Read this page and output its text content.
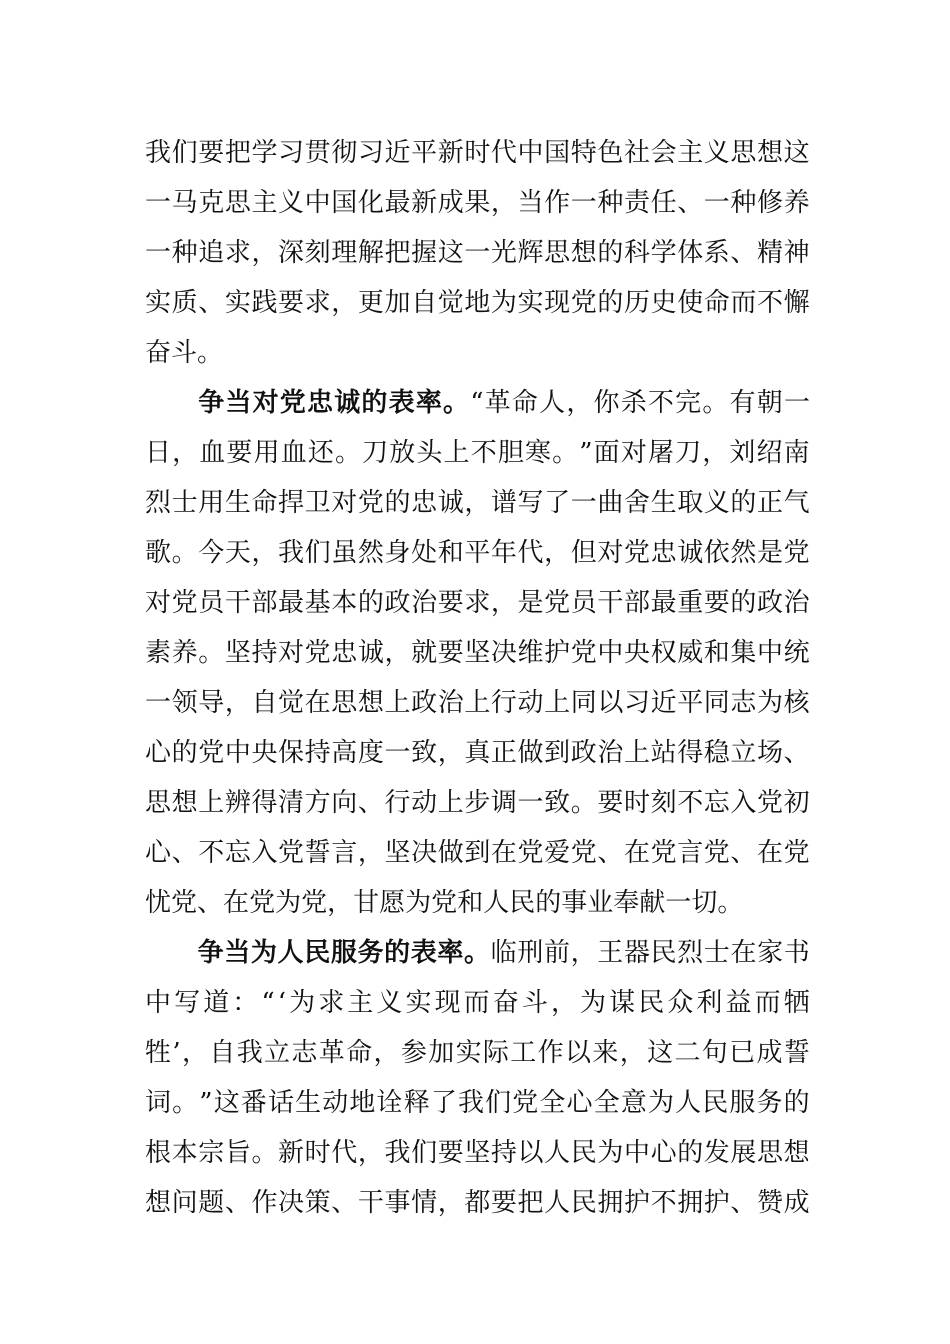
我 们 要 把 学 习 贯 彻 习 近 平 新 时 代 中 国 特 色 社 会 主 义 思 想 这
一 马 克 思 主 义 中 国 化 最 新 成 果 ， 当 作 一 种 责 任 、 一 种 修 养
一 种 追 求 ， 深 刻 理 解 把 握 这 一 光 辉 思 想 的 科 学 体 系 、 精 神
实 质 、 实 践 要 求 ， 更 加 自 觉 地 为 实 现 党 的 历 史 使 命 而 不 懈
奋 斗 。
争 当 对 党 忠 诚 的 表 率 。 “ 革 命 人 ， 你 杀 不 完 。 有 朝 一
日 ， 血 要 用 血 还 。 刀 放 头 上 不 胆 寒 。 ” 面 对 屠 刀 ， 刘 绍 南
烈 士 用 生 命 捍 卫 对 党 的 忠 诚 ， 谱 写 了 一 曲 舍 生 取 义 的 正 气
歌 。 今 天 ， 我 们 虽 然 身 处 和 平 年 代 ， 但 对 党 忠 诚 依 然 是 党
对 党 员 干 部 最 基 本 的 政 治 要 求 ， 是 党 员 干 部 最 重 要 的 政 治
素 养 。 坚 持 对 党 忠 诚 ， 就 要 坚 决 维 护 党 中 央 权 威 和 集 中 统
一 领 导 ， 自 觉 在 思 想 上 政 治 上 行 动 上 同 以 习 近 平 同 志 为 核
心 的 党 中 央 保 持 高 度 一 致 ， 真 正 做 到 政 治 上 站 得 稳 立 场 、
思 想 上 辨 得 清 方 向 、 行 动 上 步 调 一 致 。 要 时 刻 不 忘 入 党 初
心 、 不 忘 入 党 誓 言 ， 坚 决 做 到 在 党 爱 党 、 在 党 言 党 、 在 党
忧 党 、 在 党 为 党 ， 甘 愿 为 党 和 人 民 的 事 业 奉 献 一 切 。
争 当 为 人 民 服 务 的 表 率 。 临 刑 前 ， 王 器 民 烈 士 在 家 书
中 写 道 ： “ ‘ 为 求 主 义 实 现 而 奋 斗 ， 为 谋 民 众 利 益 而 牺
牲 ’ ， 自 我 立 志 革 命 ， 参 加 实 际 工 作 以 来 ， 这 二 句 已 成 誓
词 。 ” 这 番 话 生 动 地 诠 释 了 我 们 党 全 心 全 意 为 人 民 服 务 的
根 本 宗 旨 。 新 时 代 ， 我 们 要 坚 持 以 人 民 为 中 心 的 发 展 思 想
想 问 题 、 作 决 策 、 干 事 情 ， 都 要 把 人 民 拥 护 不 拥 护 、 赞 成
